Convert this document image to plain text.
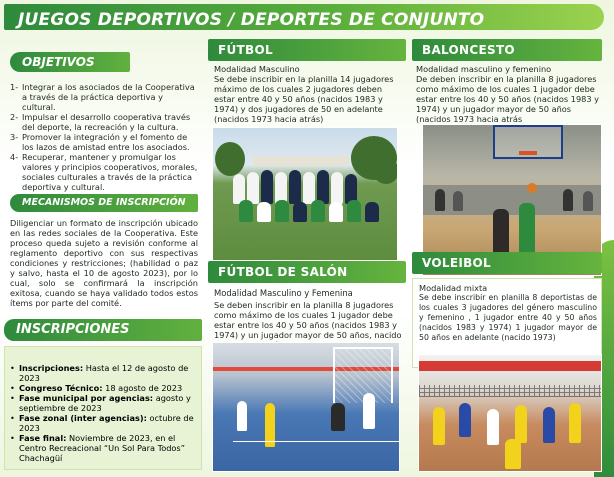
JUEGOS DEPORTIVOS / DEPORTES DE CONJUNTO
OBJETIVOS
1- Integrar a los asociados de la Cooperativa a través de la práctica deportiva y cultural.
2- Impulsar el desarrollo cooperativa través del deporte, la recreación y la cultura.
3- Promover la integración y el fomento de los lazos de amistad entre los asociados.
4- Recuperar, mantener y promulgar los valores y principios cooperativos, morales, sociales culturales a través de la práctica deportiva y cultural.
MECANISMOS DE INSCRIPCIÓN
Diligenciar un formato de inscripción ubicado en las redes sociales de la Cooperativa. Este proceso queda sujeto a revisión conforme al reglamento deportivo con sus respectivas condiciones y restricciones; (habilidad o paz y salvo, hasta el 10 de agosto 2023), por lo cual, solo se confirmará la inscripción exitosa, cuando se haya validado todos estos ítems por parte del comité.
INSCRIPCIONES
• Inscripciones: Hasta el 12 de agosto de 2023
• Congreso Técnico: 18 agosto de 2023
• Fase municipal por agencias: agosto y septiembre de 2023
• Fase zonal (inter agencias): octubre de 2023
• Fase final: Noviembre de 2023, en el Centro Recreacional “Un Sol Para Todos” Chachagüí
FÚTBOL
Modalidad Masculino
Se debe inscribir en la planilla 14 jugadores máximo de los cuales 2 jugadores deben estar entre 40 y 50 años (nacidos 1983 y 1974) y dos jugadores de 50 en adelante (nacidos 1973 hacia atrás)
FÚTBOL DE SALÓN
Modalidad Masculino y Femenina
Se deben inscribir en la planilla 8 jugadores como máximo de los cuales 1 jugador debe estar entre los 40 y 50 años (nacidos 1983 y 1974) y un jugador mayor de 50 años, nacido
BALONCESTO
Modalidad masculino y femenino
De deben inscribir en la planilla 8 jugadores como máximo de los cuales 1 jugador debe estar entre los 40 y 50 años (nacidos 1983 y 1974) y un jugador mayor de 50 años (nacidos 1973 hacia atrás
VOLEIBOL
Modalidad mixta
Se debe inscribir en planilla 8 deportistas de los cuales 3 jugadores del género masculino y femenino , 1 jugador entre 40 y 50 años (nacidos 1983 y 1974) 1 jugador mayor de 50 años en adelante (nacido 1973)
